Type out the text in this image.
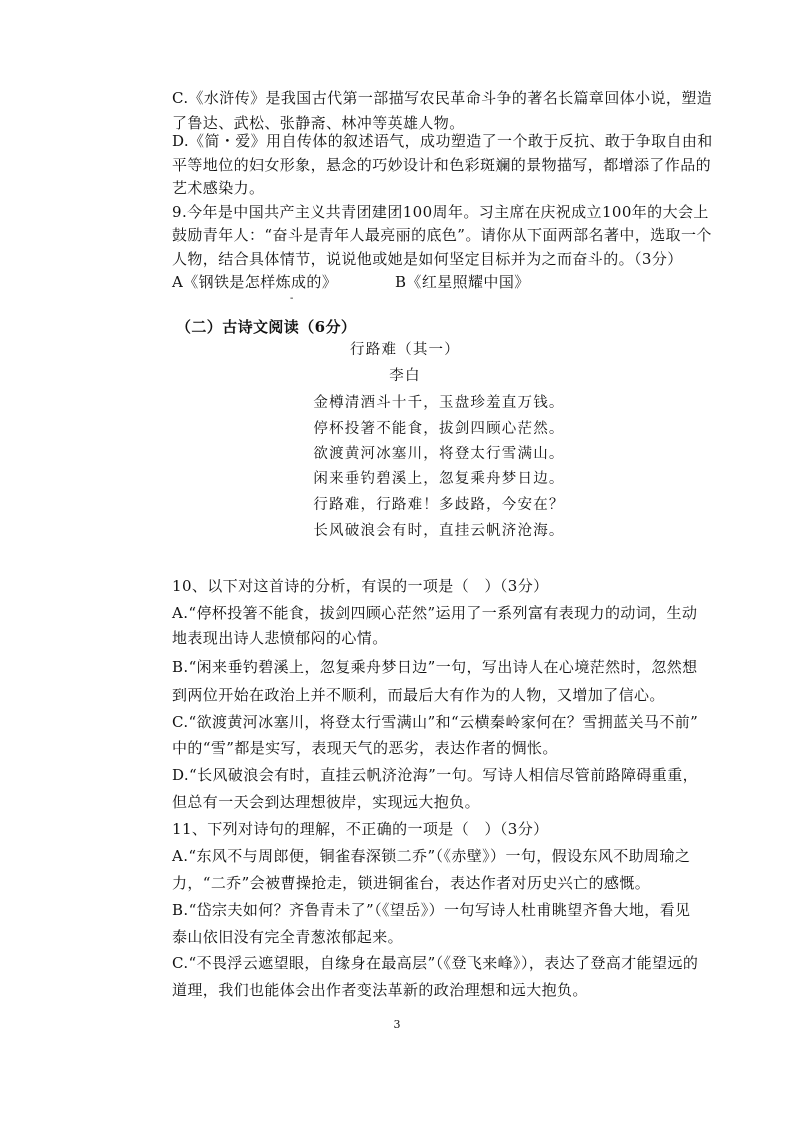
C.《水浒传》是我国古代第一部描写农民革命斗争的著名长篇章回体小说，塑造
了鲁达、武松、张静斋、林冲等英雄人物。
D.《简・爱》用自传体的叙述语气，成功塑造了一个敢于反抗、敢于争取自由和
平等地位的妇女形象，悬念的巧妙设计和色彩斑斓的景物描写，都增添了作品的
艺术感染力。
9.今年是中国共产主义共青团建团100周年。习主席在庆祝成立100年的大会上
鼓励青年人：“奋斗是青年人最亮丽的底色”。请你从下面两部名著中，选取一个
人物，结合具体情节，说说他或她是如何坚定目标并为之而奋斗的。（3分）
A《钢铁是怎样炼成的》	B《红星照耀中国》
-
（二）古诗文阅读（6分）
行路难（其一）
李白
金樽清酒斗十千，玉盘珍羞直万钱。
停杯投箸不能食，拔剑四顾心茫然。
欲渡黄河冰塞川，将登太行雪满山。
闲来垂钓碧溪上，忽复乘舟梦日边。
行路难，行路难！多歧路，今安在？
长风破浪会有时，直挂云帆济沧海。
10、以下对这首诗的分析，有误的一项是（　）（3分）
A.“停杯投箸不能食，拔剑四顾心茫然”运用了一系列富有表现力的动词，生动
地表现出诗人悲愤郁闷的心情。
B.“闲来垂钓碧溪上，忽复乘舟梦日边”一句，写出诗人在心境茫然时，忽然想
到两位开始在政治上并不顺利，而最后大有作为的人物，又增加了信心。
C.“欲渡黄河冰塞川，将登太行雪满山”和“云横秦岭家何在？雪拥蓝关马不前”
中的“雪”都是实写，表现天气的恶劣，表达作者的惆怅。
D.“长风破浪会有时，直挂云帆济沧海”一句。写诗人相信尽管前路障碍重重，
但总有一天会到达理想彼岸，实现远大抱负。
11、下列对诗句的理解，不正确的一项是（　）（3分）
A.“东风不与周郎便，铜雀春深锁二乔”（《赤壁》）一句，假设东风不助周瑜之
力，“二乔”会被曹操抢走，锁进铜雀台，表达作者对历史兴亡的感慨。
B.“岱宗夫如何？齐鲁青未了”（《望岳》）一句写诗人杜甫眺望齐鲁大地，看见
泰山依旧没有完全青葱浓郁起来。
C.“不畏浮云遮望眼，自缘身在最高层”（《登飞来峰》），表达了登高才能望远的
道理，我们也能体会出作者变法革新的政治理想和远大抱负。
3
